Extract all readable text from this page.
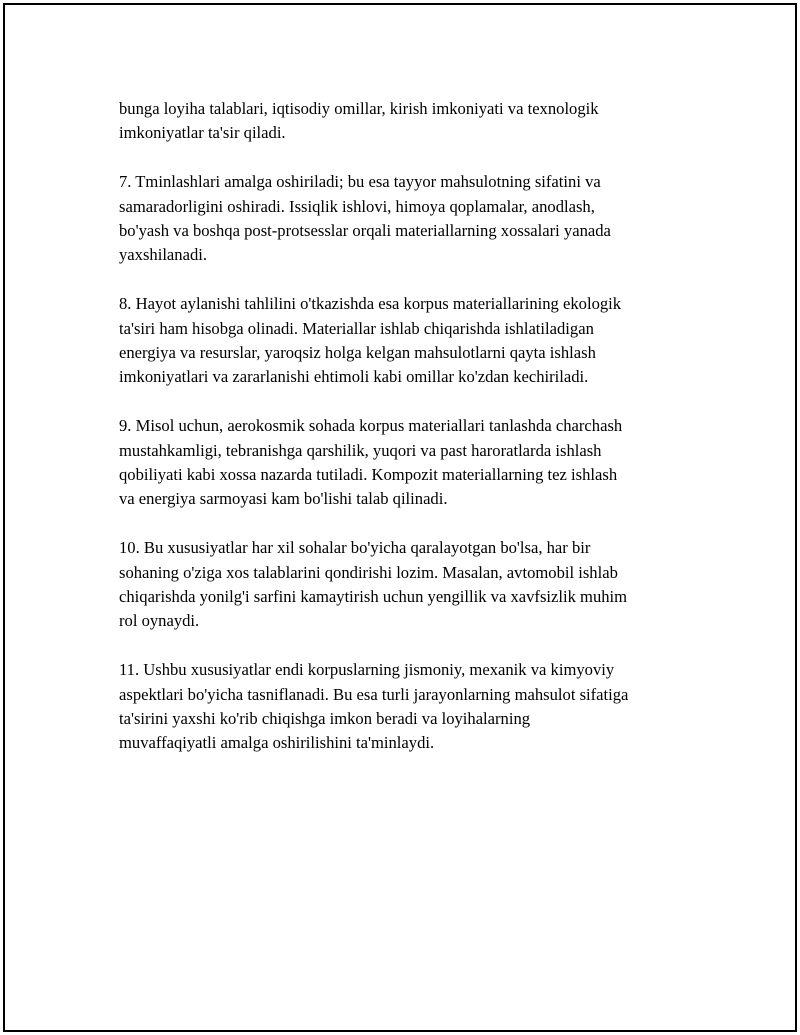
bunga loyiha talablari, iqtisodiy omillar, kirish imkoniyati va texnologik
imkoniyatlar ta'sir qiladi.

7. Tminlashlari amalga oshiriladi; bu esa tayyor mahsulotning sifatini va
samaradorligini oshiradi. Issiqlik ishlovi, himoya qoplamalar, anodlash,
bo'yash va boshqa post-protsesslar orqali materiallarning xossalari yanada
yaxshilanadi.

8. Hayot aylanishi tahlilini o'tkazishda esa korpus materiallarining ekologik
ta'siri ham hisobga olinadi. Materiallar ishlab chiqarishda ishlatiladigan
energiya va resurslar, yaroqsiz holga kelgan mahsulotlarni qayta ishlash
imkoniyatlari va zararlanishi ehtimoli kabi omillar ko'zdan kechiriladi.

9. Misol uchun, aerokosmik sohada korpus materiallari tanlashda charchash
mustahkamligi, tebranishga qarshilik, yuqori va past haroratlarda ishlash
qobiliyati kabi xossa nazarda tutiladi. Kompozit materiallarning tez ishlash
va energiya sarmoyasi kam bo'lishi talab qilinadi.

10. Bu xususiyatlar har xil sohalar bo'yicha qaralayotgan bo'lsa, har bir
sohaning o'ziga xos talablarini qondirishi lozim. Masalan, avtomobil ishlab
chiqarishda yonilg'i sarfini kamaytirish uchun yengillik va xavfsizlik muhim
rol oynaydi.

11. Ushbu xususiyatlar endi korpuslarning jismoniy, mexanik va kimyoviy
aspektlari bo'yicha tasniflanadi. Bu esa turli jarayonlarning mahsulot sifatiga
ta'sirini yaxshi ko'rib chiqishga imkon beradi va loyihalarning
muvaffaqiyatli amalga oshirilishini ta'minlaydi.
